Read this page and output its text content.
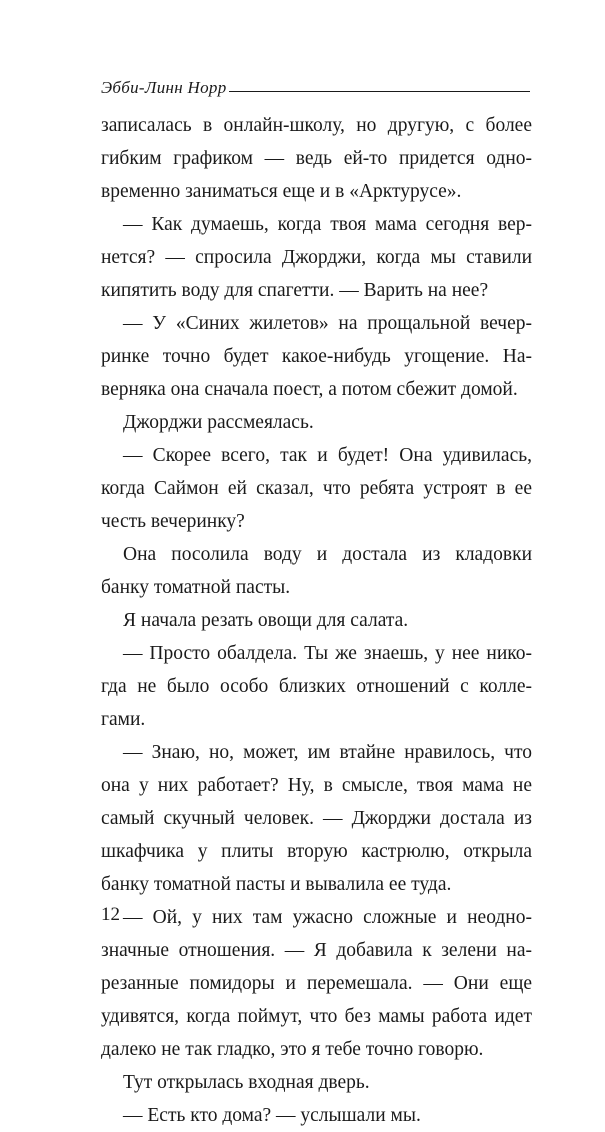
Эбби-Линн Норр
записалась в онлайн-школу, но другую, с более
гибким графиком — ведь ей-то придется одно-
временно заниматься еще и в «Арктурусе».
— Как думаешь, когда твоя мама сегодня вер-
нется? — спросила Джорджи, когда мы ставили
кипятить воду для спагетти. — Варить на нее?
— У «Синих жилетов» на прощальной вечер-
ринке точно будет какое-нибудь угощение. На-
верняка она сначала поест, а потом сбежит домой.
Джорджи рассмеялась.
— Скорее всего, так и будет! Она удивилась,
когда Саймон ей сказал, что ребята устроят в ее
честь вечеринку?
Она посолила воду и достала из кладовки
банку томатной пасты.
Я начала резать овощи для салата.
— Просто обалдела. Ты же знаешь, у нее нико-
гда не было особо близких отношений с колле-
гами.
— Знаю, но, может, им втайне нравилось, что
она у них работает? Ну, в смысле, твоя мама не
самый скучный человек. — Джорджи достала из
шкафчика у плиты вторую кастрюлю, открыла
банку томатной пасты и вывалила ее туда.
— Ой, у них там ужасно сложные и неодно-
значные отношения. — Я добавила к зелени на-
резанные помидоры и перемешала. — Они еще
удивятся, когда поймут, что без мамы работа идет
далеко не так гладко, это я тебе точно говорю.
Тут открылась входная дверь.
— Есть кто дома? — услышали мы.
12
